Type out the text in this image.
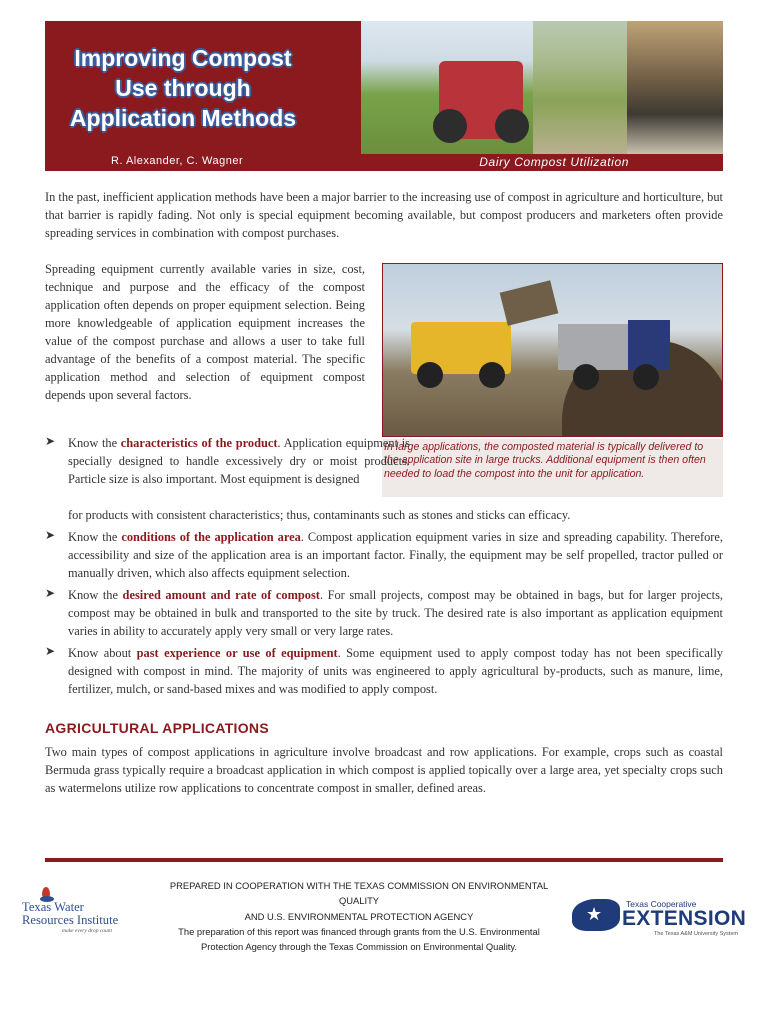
Improving Compost
Use through
Application Methods
R. Alexander, C. Wagner	Dairy Compost Utilization

In the past, inefficient application methods have been a major barrier to the increasing use of compost in agriculture and horticulture, but that barrier is rapidly fading. Not only is special equipment becoming available, but compost producers and marketers often provide spreading services in combination with compost purchases.

Spreading equipment currently available varies in size, cost, technique and purpose and the efficacy of the compost application often depends on proper equipment selection. Being more knowledgeable of application equipment increases the value of the compost purchase and allows a user to take full advantage of the benefits of a compost material. The specific application method and selection of equipment compost depends upon several factors.

In large applications, the composted material is typically delivered to the application site in large trucks. Additional equipment is then often needed to load the compost into the unit for application.
➤ Know the characteristics of the product. Application equipment is specially designed to handle excessively dry or moist products. Particle size is also important. Most equipment is designed

for products with consistent characteristics; thus, contaminants such as stones and sticks can efficacy.

➤ Know the conditions of the application area. Compost application equipment varies in size and spreading capability. Therefore, accessibility and size of the application area is an important factor. Finally, the equipment may be self propelled, tractor pulled or manually driven, which also affects equipment selection.

➤ Know the desired amount and rate of compost. For small projects, compost may be obtained in bags, but for larger projects, compost may be obtained in bulk and transported to the site by truck. The desired rate is also important as application equipment varies in ability to accurately apply very small or very large rates.

➤ Know about past experience or use of equipment. Some equipment used to apply compost today has not been specifically designed with compost in mind. The majority of units was engineered to apply agricultural by-products, such as manure, lime, fertilizer, mulch, or sand-based mixes and was modified to apply compost.

AGRICULTURAL APPLICATIONS

Two main types of compost applications in agriculture involve broadcast and row applications. For example, crops such as coastal Bermuda grass typically require a broadcast application in which compost is applied topically over a large area, yet specialty crops such as watermelons utilize row applications to concentrate compost in smaller, defined areas.

Texas Water
Resources Institute
make every drop count
PREPARED IN COOPERATION WITH THE TEXAS COMMISSION ON ENVIRONMENTAL QUALITY
AND U.S. ENVIRONMENTAL PROTECTION AGENCY
The preparation of this report was financed through grants from the U.S. Environmental
Protection Agency through the Texas Commission on Environmental Quality.
★	Texas Cooperative
EXTENSION
The Texas A&M University System
